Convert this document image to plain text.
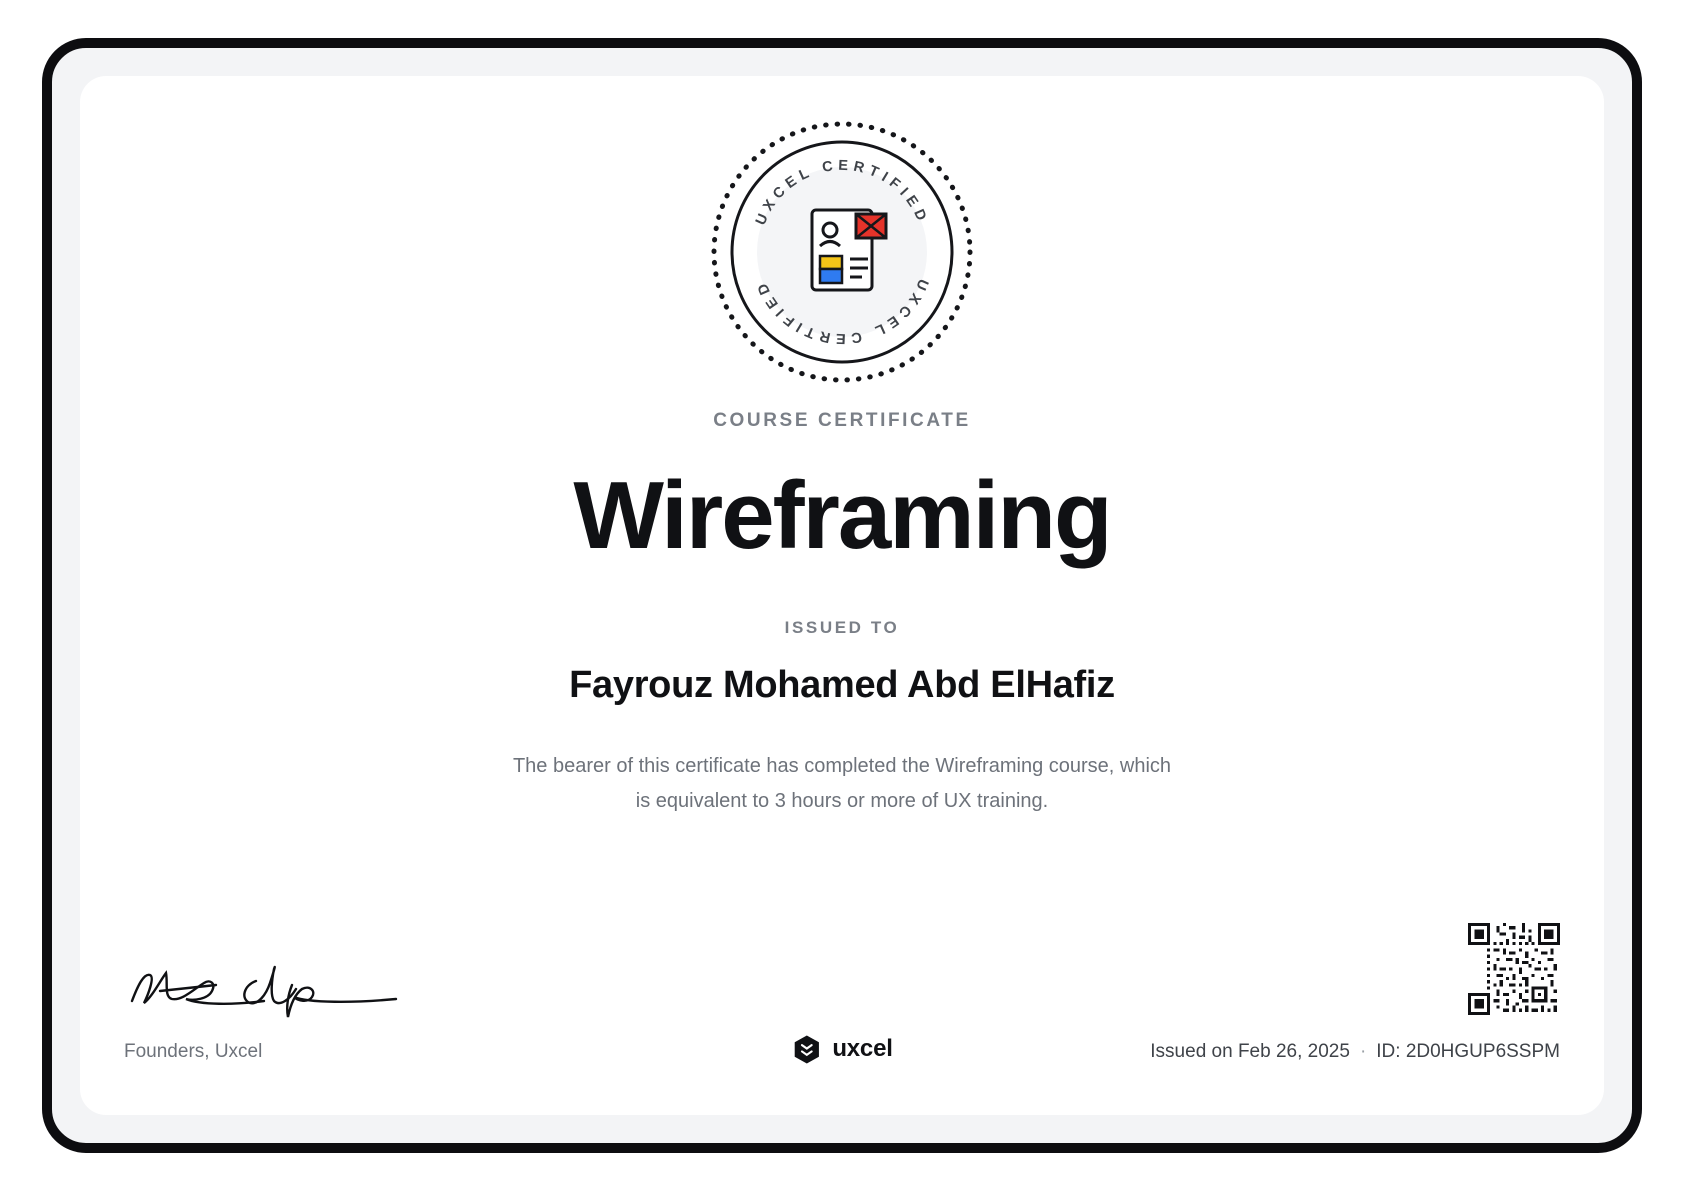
UXCEL CERTIFIED
UXCEL CERTIFIED
COURSE CERTIFICATE
Wireframing
ISSUED TO
Fayrouz Mohamed Abd ElHafiz
The bearer of this certificate has completed the Wireframing course, which
is equivalent to 3 hours or more of UX training.
Founders, Uxcel	uxcel	Issued on Feb 26, 2025 · ID: 2D0HGUP6SSPM
